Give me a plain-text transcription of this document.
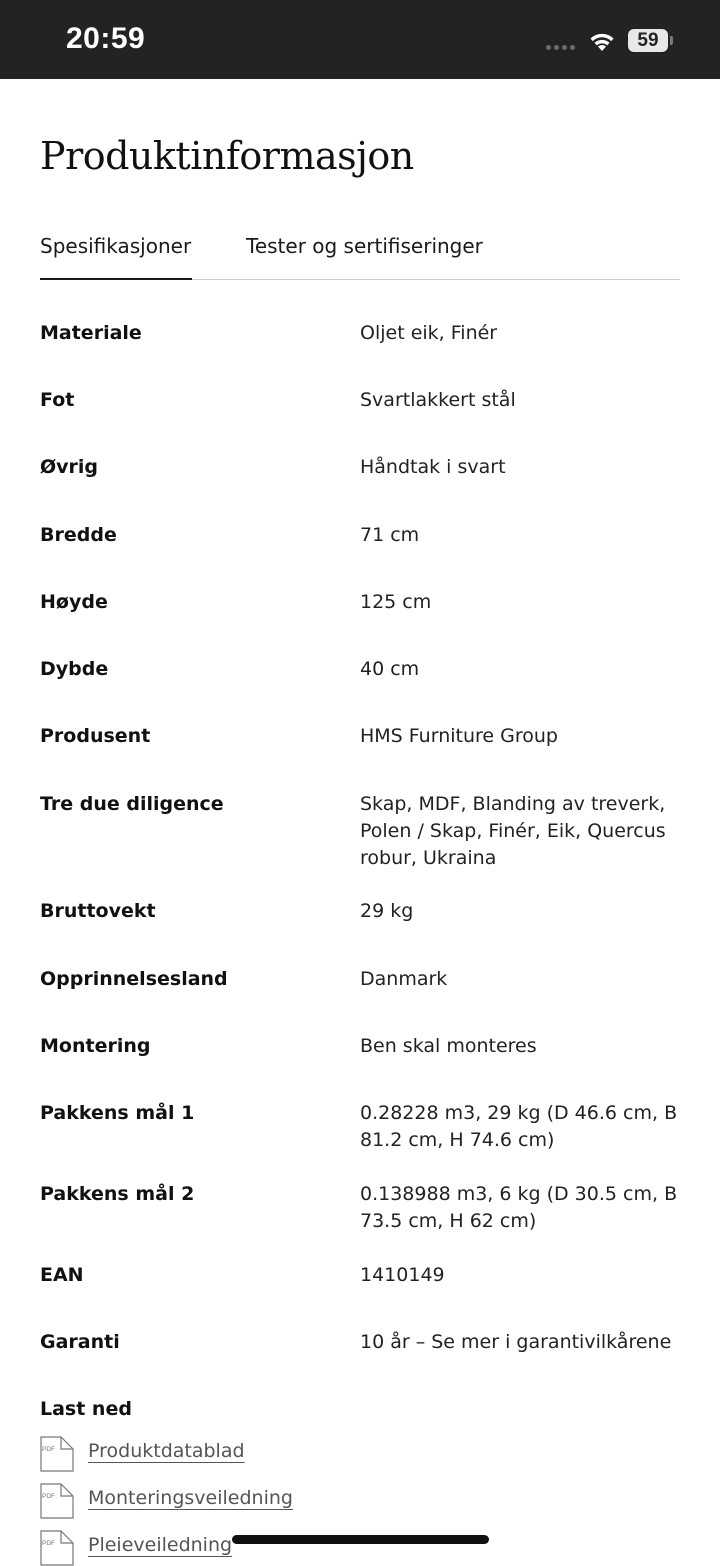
20:59	59
Produktinformasjon
Spesifikasjoner	Tester og sertifiseringer
Materiale	Oljet eik, Finér
Fot	Svartlakkert stål
Øvrig	Håndtak i svart
Bredde	71 cm
Høyde	125 cm
Dybde	40 cm
Produsent	HMS Furniture Group
Tre due diligence	Skap, MDF, Blanding av treverk, Polen / Skap, Finér, Eik, Quercus robur, Ukraina
Bruttovekt	29 kg
Opprinnelsesland	Danmark
Montering	Ben skal monteres
Pakkens mål 1	0.28228 m3, 29 kg (D 46.6 cm, B 81.2 cm, H 74.6 cm)
Pakkens mål 2	0.138988 m3, 6 kg (D 30.5 cm, B 73.5 cm, H 62 cm)
EAN	1410149
Garanti	10 år – Se mer i garantivilkårene
Last ned
PDF Produktdatablad
PDF Monteringsveiledning
PDF Pleieveiledning
